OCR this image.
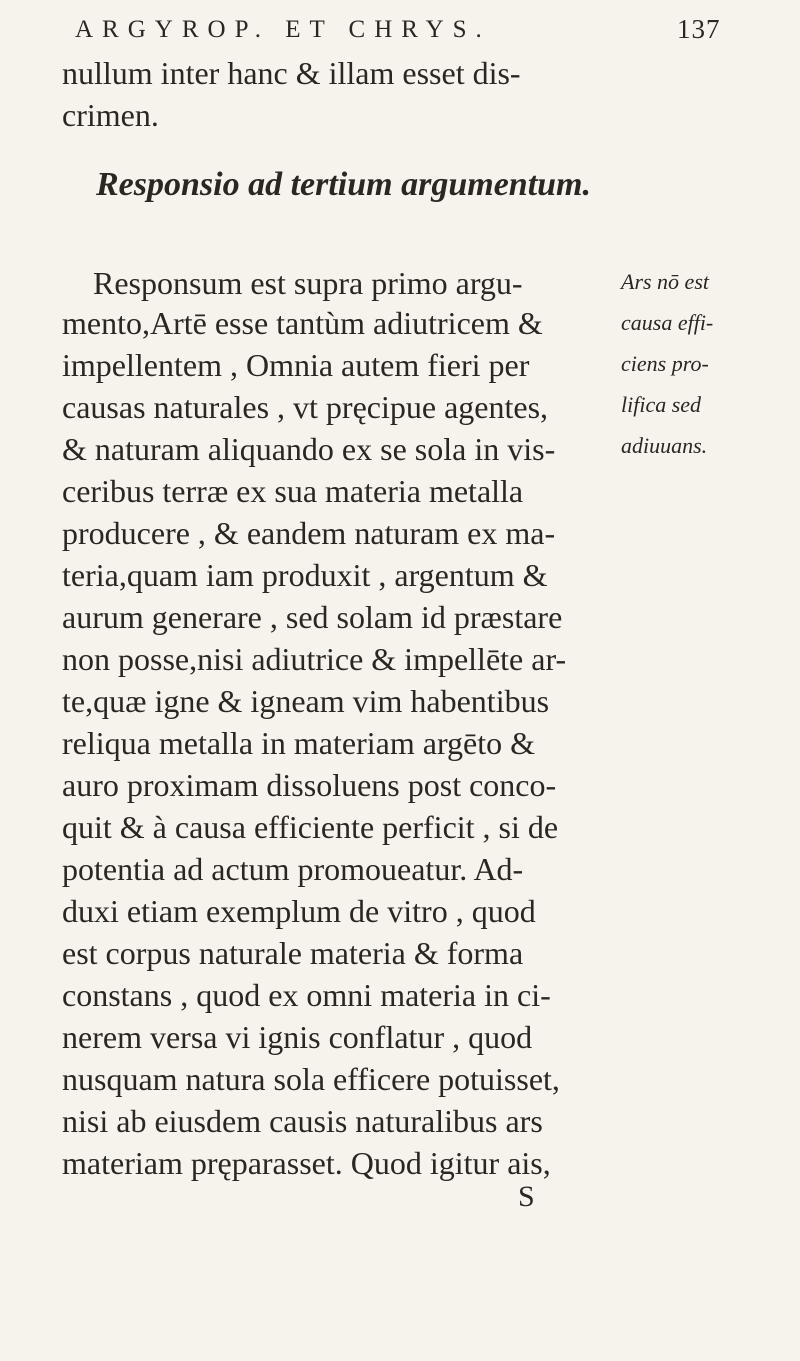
ARGYROP. ET CHRYS.	137
nullum inter hanc & illam esset dis-
crimen.
Responsio ad tertium argumentum.
Responsum est supra primo argu-
mento,Artē esse tantùm adiutricem &
impellentem , Omnia autem fieri per
causas naturales , vt pręcipue agentes,
& naturam aliquando ex se sola in vis-
ceribus terræ ex sua materia metalla
producere , & eandem naturam ex ma-
teria,quam iam produxit , argentum &
aurum generare , sed solam id præstare
non posse,nisi adiutrice & impellēte ar-
te,quæ igne & igneam vim habentibus
reliqua metalla in materiam argēto &
auro proximam dissoluens post conco-
quit & à causa efficiente perficit , si de
potentia ad actum promoueatur. Ad-
duxi etiam exemplum de vitro , quod
est corpus naturale materia & forma
constans , quod ex omni materia in ci-
nerem versa vi ignis conflatur , quod
nusquam natura sola efficere potuisset,
nisi ab eiusdem causis naturalibus ars
materiam pręparasset. Quod igitur ais,
Ars nō est
causa effi-
ciens pro-
lifica sed
adiuuans.
S
